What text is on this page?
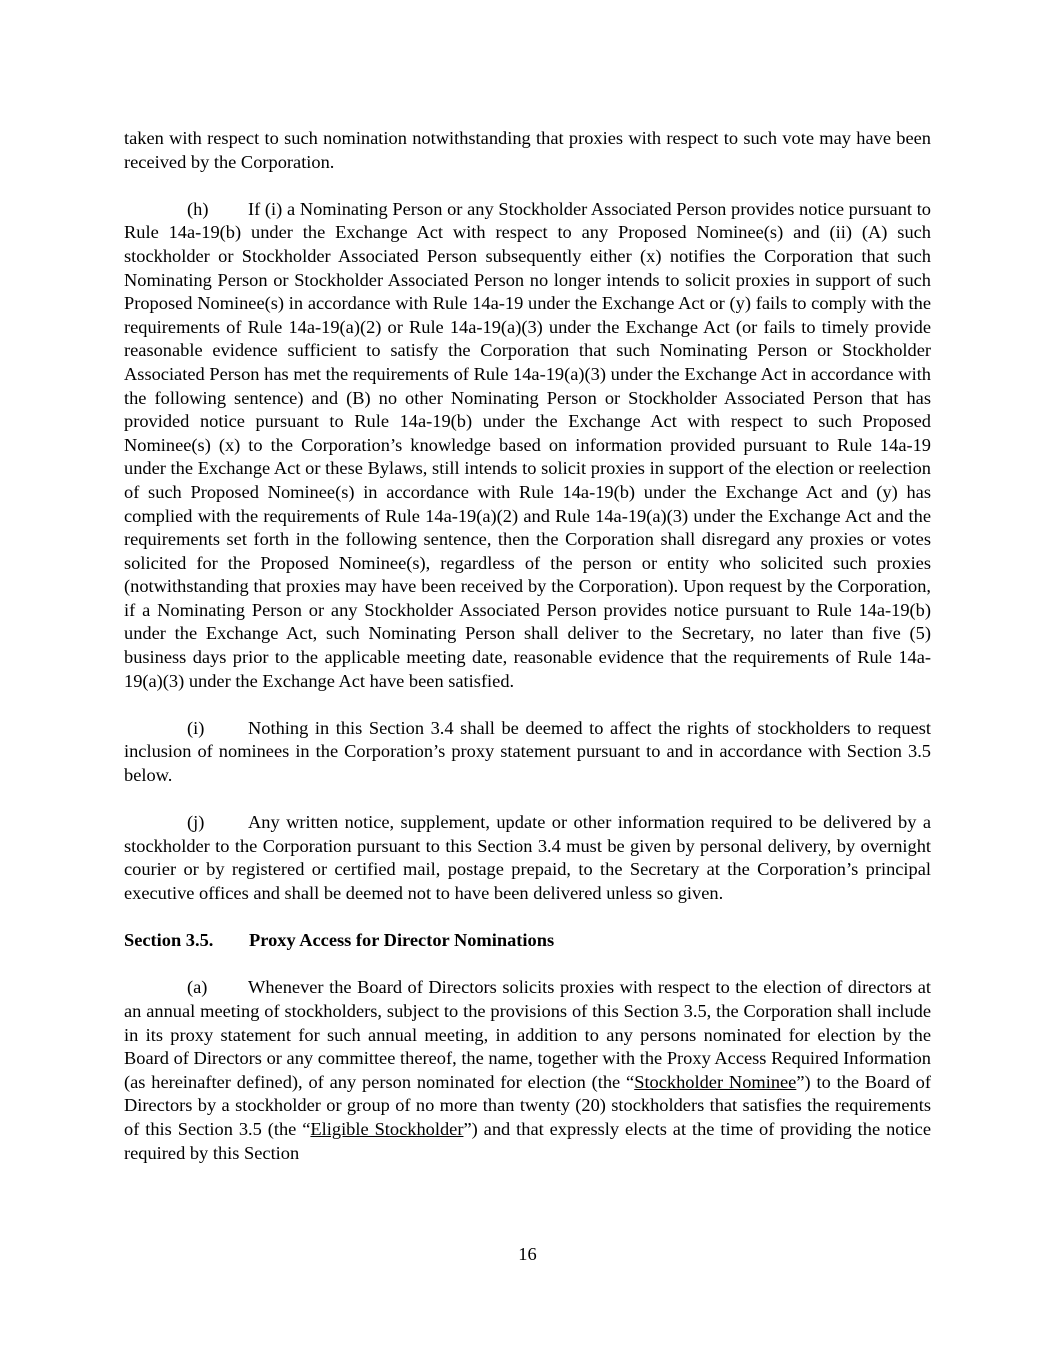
taken with respect to such nomination notwithstanding that proxies with respect to such vote may have been received by the Corporation.

(h) If (i) a Nominating Person or any Stockholder Associated Person provides notice pursuant to Rule 14a-19(b) under the Exchange Act with respect to any Proposed Nominee(s) and (ii) (A) such stockholder or Stockholder Associated Person subsequently either (x) notifies the Corporation that such Nominating Person or Stockholder Associated Person no longer intends to solicit proxies in support of such Proposed Nominee(s) in accordance with Rule 14a-19 under the Exchange Act or (y) fails to comply with the requirements of Rule 14a-19(a)(2) or Rule 14a-19(a)(3) under the Exchange Act (or fails to timely provide reasonable evidence sufficient to satisfy the Corporation that such Nominating Person or Stockholder Associated Person has met the requirements of Rule 14a-19(a)(3) under the Exchange Act in accordance with the following sentence) and (B) no other Nominating Person or Stockholder Associated Person that has provided notice pursuant to Rule 14a-19(b) under the Exchange Act with respect to such Proposed Nominee(s) (x) to the Corporation’s knowledge based on information provided pursuant to Rule 14a-19 under the Exchange Act or these Bylaws, still intends to solicit proxies in support of the election or reelection of such Proposed Nominee(s) in accordance with Rule 14a-19(b) under the Exchange Act and (y) has complied with the requirements of Rule 14a-19(a)(2) and Rule 14a-19(a)(3) under the Exchange Act and the requirements set forth in the following sentence, then the Corporation shall disregard any proxies or votes solicited for the Proposed Nominee(s), regardless of the person or entity who solicited such proxies (notwithstanding that proxies may have been received by the Corporation). Upon request by the Corporation, if a Nominating Person or any Stockholder Associated Person provides notice pursuant to Rule 14a-19(b) under the Exchange Act, such Nominating Person shall deliver to the Secretary, no later than five (5) business days prior to the applicable meeting date, reasonable evidence that the requirements of Rule 14a-19(a)(3) under the Exchange Act have been satisfied.

(i) Nothing in this Section 3.4 shall be deemed to affect the rights of stockholders to request inclusion of nominees in the Corporation’s proxy statement pursuant to and in accordance with Section 3.5 below.

(j) Any written notice, supplement, update or other information required to be delivered by a stockholder to the Corporation pursuant to this Section 3.4 must be given by personal delivery, by overnight courier or by registered or certified mail, postage prepaid, to the Secretary at the Corporation’s principal executive offices and shall be deemed not to have been delivered unless so given.

Section 3.5. Proxy Access for Director Nominations

(a) Whenever the Board of Directors solicits proxies with respect to the election of directors at an annual meeting of stockholders, subject to the provisions of this Section 3.5, the Corporation shall include in its proxy statement for such annual meeting, in addition to any persons nominated for election by the Board of Directors or any committee thereof, the name, together with the Proxy Access Required Information (as hereinafter defined), of any person nominated for election (the “Stockholder Nominee”) to the Board of Directors by a stockholder or group of no more than twenty (20) stockholders that satisfies the requirements of this Section 3.5 (the “Eligible Stockholder”) and that expressly elects at the time of providing the notice required by this Section

16
